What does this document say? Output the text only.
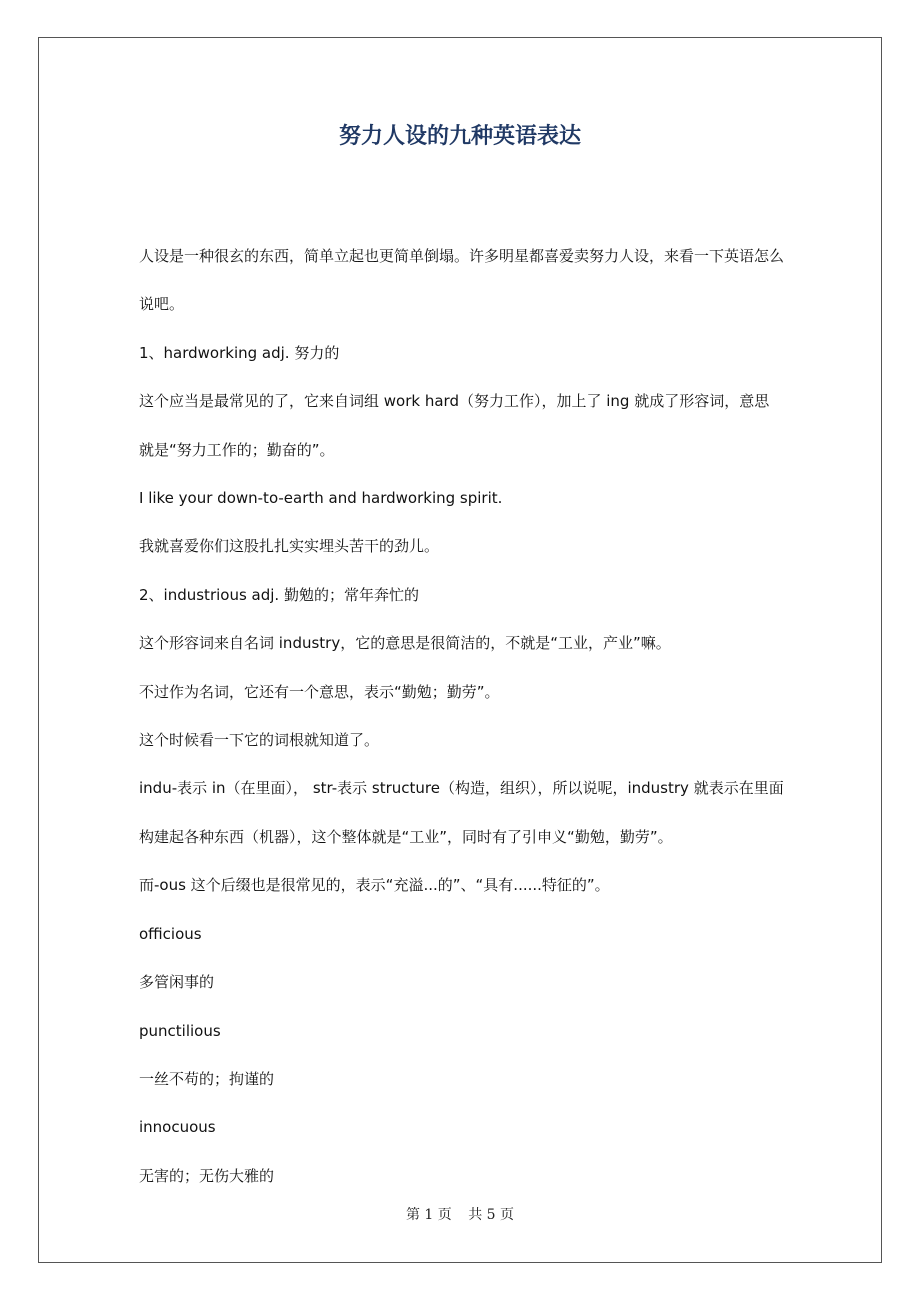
努力人设的九种英语表达

人设是一种很玄的东西，简单立起也更简单倒塌。许多明星都喜爱卖努力人设，来看一下英语怎么说吧。

1、hardworking adj. 努力的

这个应当是最常见的了，它来自词组 work hard（努力工作），加上了 ing 就成了形容词，意思就是“努力工作的；勤奋的”。

I like your down-to-earth and hardworking spirit.

我就喜爱你们这股扎扎实实埋头苦干的劲儿。

2、industrious adj. 勤勉的；常年奔忙的

这个形容词来自名词 industry，它的意思是很简洁的，不就是“工业，产业”嘛。

不过作为名词，它还有一个意思，表示“勤勉；勤劳”。

这个时候看一下它的词根就知道了。

indu-表示 in（在里面）， str-表示 structure（构造，组织），所以说呢，industry 就表示在里面构建起各种东西（机器），这个整体就是“工业”，同时有了引申义“勤勉，勤劳”。

而-ous 这个后缀也是很常见的，表示“充溢...的”、“具有......特征的”。

officious

多管闲事的

punctilious

一丝不苟的；拘谨的

innocuous

无害的；无伤大雅的

第 1 页 共 5 页
